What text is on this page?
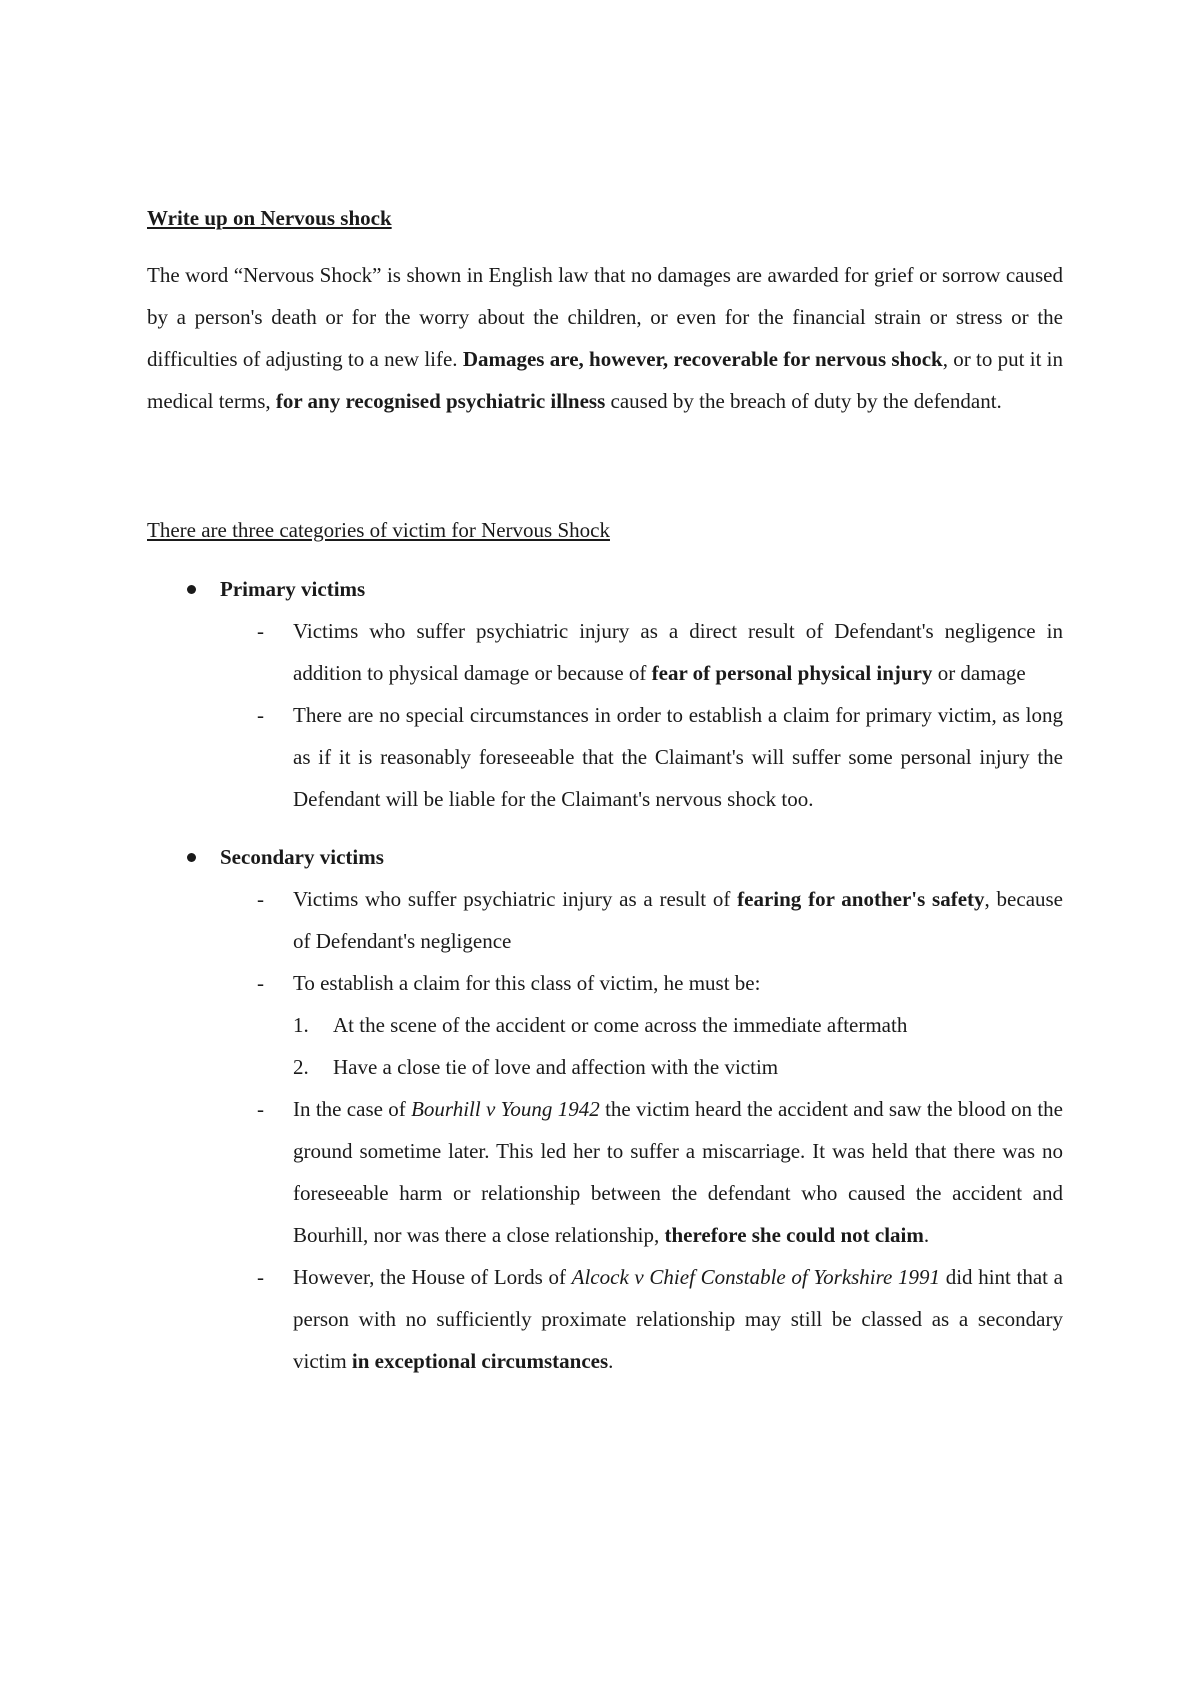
Write up on Nervous shock

The word “Nervous Shock” is shown in English law that no damages are awarded for grief or sorrow caused by a person's death or for the worry about the children, or even for the financial strain or stress or the difficulties of adjusting to a new life. Damages are, however, recoverable for nervous shock, or to put it in medical terms, for any recognised psychiatric illness caused by the breach of duty by the defendant.

There are three categories of victim for Nervous Shock
Primary victims
- Victims who suffer psychiatric injury as a direct result of Defendant's negligence in addition to physical damage or because of fear of personal physical injury or damage
- There are no special circumstances in order to establish a claim for primary victim, as long as if it is reasonably foreseeable that the Claimant's will suffer some personal injury the Defendant will be liable for the Claimant's nervous shock too.
Secondary victims
- Victims who suffer psychiatric injury as a result of fearing for another's safety, because of Defendant's negligence
- To establish a claim for this class of victim, he must be:
1. At the scene of the accident or come across the immediate aftermath
2. Have a close tie of love and affection with the victim
- In the case of Bourhill v Young 1942 the victim heard the accident and saw the blood on the ground sometime later. This led her to suffer a miscarriage. It was held that there was no foreseeable harm or relationship between the defendant who caused the accident and Bourhill, nor was there a close relationship, therefore she could not claim.
- However, the House of Lords of Alcock v Chief Constable of Yorkshire 1991 did hint that a person with no sufficiently proximate relationship may still be classed as a secondary victim in exceptional circumstances.
